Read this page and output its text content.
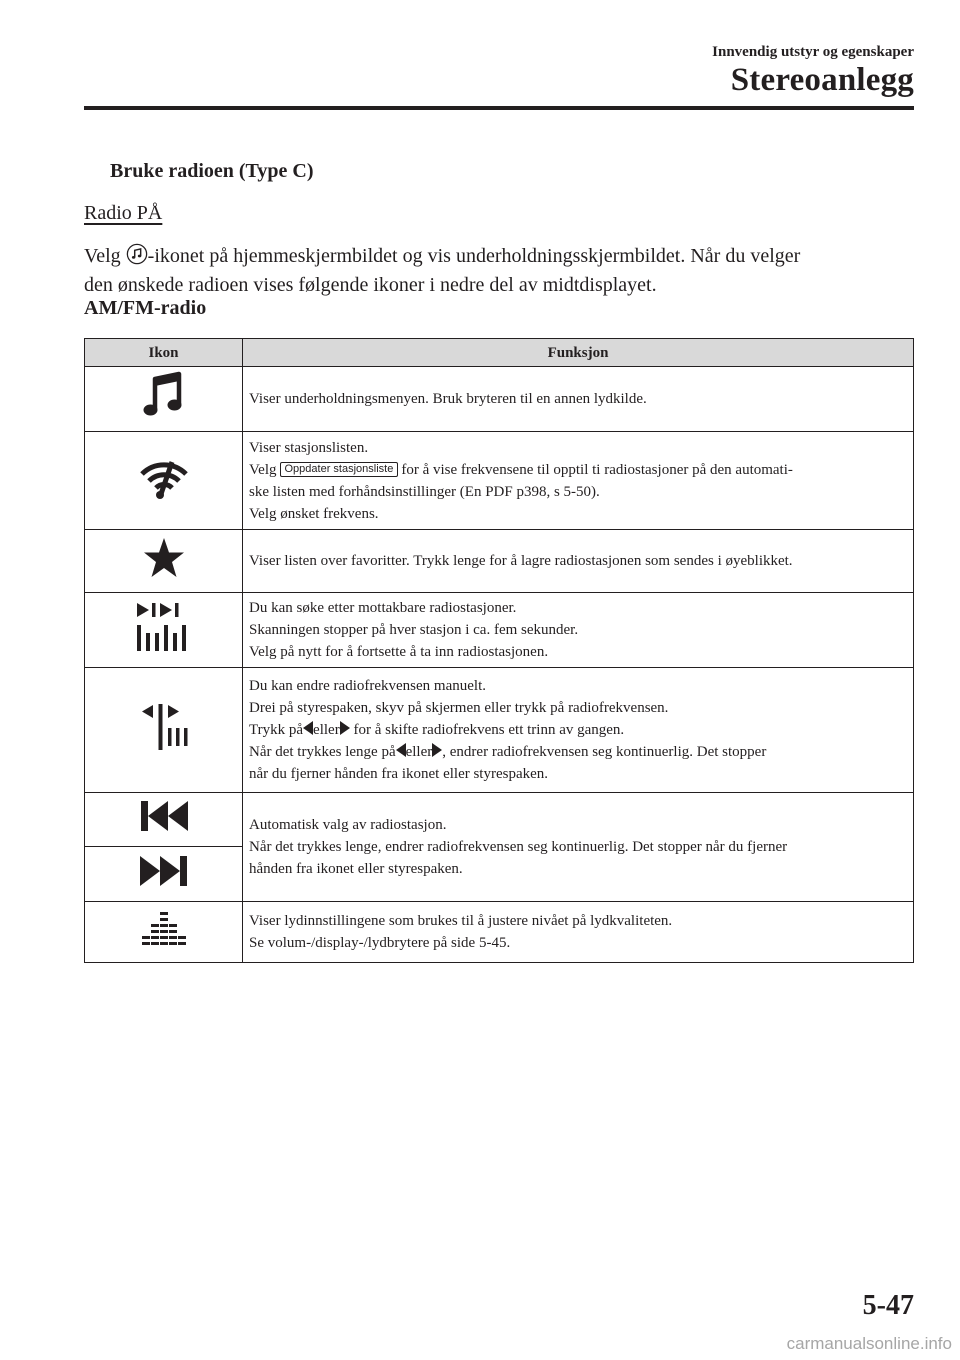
Innvendig utstyr og egenskaper
Stereoanlegg
Bruke radioen (Type C)
Radio PÅ
Velg -ikonet på hjemmeskjermbildet og vis underholdningsskjermbildet. Når du velger
den ønskede radioen vises følgende ikoner i nedre del av midtdisplayet.
AM/FM-radio
Ikon	Funksjon

Viser underholdningsmenyen. Bruk bryteren til en annen lydkilde.

Viser stasjonslisten.
Velg Oppdater stasjonsliste for å vise frekvensene til opptil ti radiostasjoner på den automati-
ske listen med forhåndsinstillinger (En PDF p398, s 5-50).
Velg ønsket frekvens.

Viser listen over favoritter. Trykk lenge for å lagre radiostasjonen som sendes i øyeblikket.

Du kan søke etter mottakbare radiostasjoner.
Skanningen stopper på hver stasjon i ca. fem sekunder.
Velg på nytt for å fortsette å ta inn radiostasjonen.

Du kan endre radiofrekvensen manuelt.
Drei på styrespaken, skyv på skjermen eller trykk på radiofrekvensen.
Trykk på eller for å skifte radiofrekvens ett trinn av gangen.
Når det trykkes lenge på eller , endrer radiofrekvensen seg kontinuerlig. Det stopper
når du fjerner hånden fra ikonet eller styrespaken.

Automatisk valg av radiostasjon.
Når det trykkes lenge, endrer radiofrekvensen seg kontinuerlig. Det stopper når du fjerner
hånden fra ikonet eller styrespaken.

Viser lydinnstillingene som brukes til å justere nivået på lydkvaliteten.
Se volum-/display-/lydbrytere på side 5-45.
5-47
carmanualsonline.info
